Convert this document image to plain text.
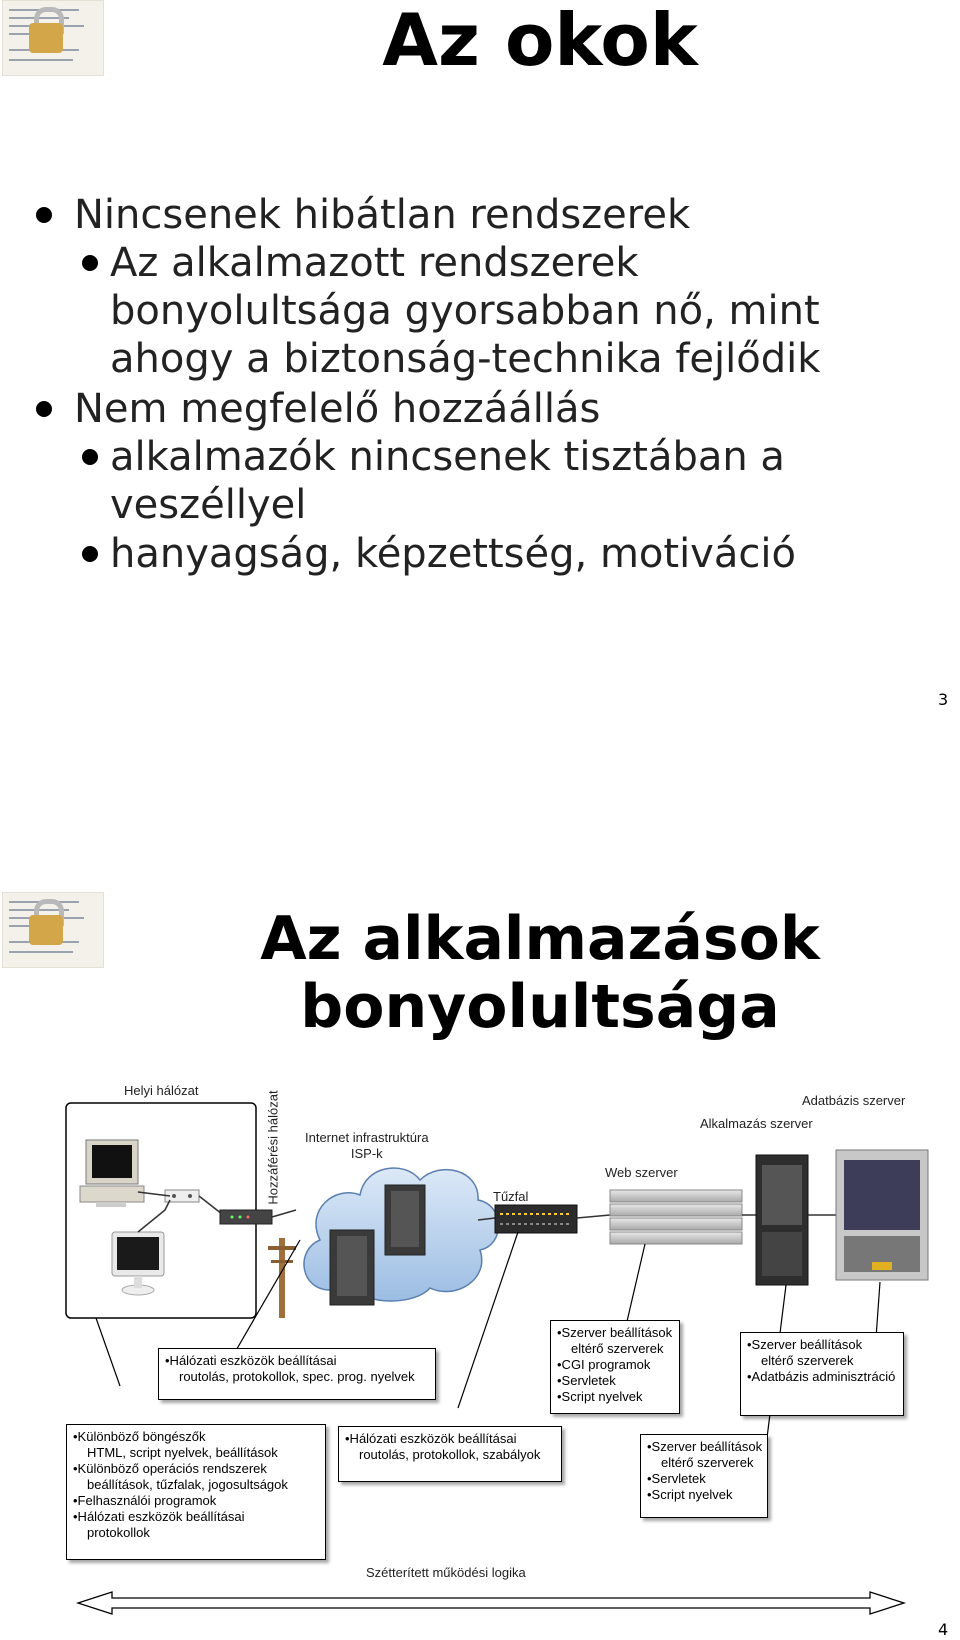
Az okok
Nincsenek hibátlan rendszerek
Az alkalmazott rendszerek
bonyolultsága gyorsabban nő, mint
ahogy a biztonság-technika fejlődik
Nem megfelelő hozzáállás
alkalmazók nincsenek tisztában a
veszéllyel
hanyagság, képzettség, motiváció
3
Az alkalmazások
bonyolultsága
Helyi hálózat	Hozzáférési hálózat Internet infrastruktúra
ISP-k
Tűzfal
Web szerver
Alkalmazás szerver
Adatbázis szerver
•Hálózati eszközök beállításai
routolás, protokollok, spec. prog. nyelvek
•Szerver beállítások
eltérő szerverek
•CGI programok
•Servletek
•Script nyelvek
•Szerver beállítások
eltérő szerverek
•Adatbázis adminisztráció
•Különböző böngészők
HTML, script nyelvek, beállítások
•Különböző operációs rendszerek
beállítások, tűzfalak, jogosultságok
•Felhasználói programok
•Hálózati eszközök beállításai
protokollok
•Hálózati eszközök beállításai
routolás, protokollok, szabályok
•Szerver beállítások
eltérő szerverek
•Servletek
•Script nyelvek
Szétterített működési logika
4
